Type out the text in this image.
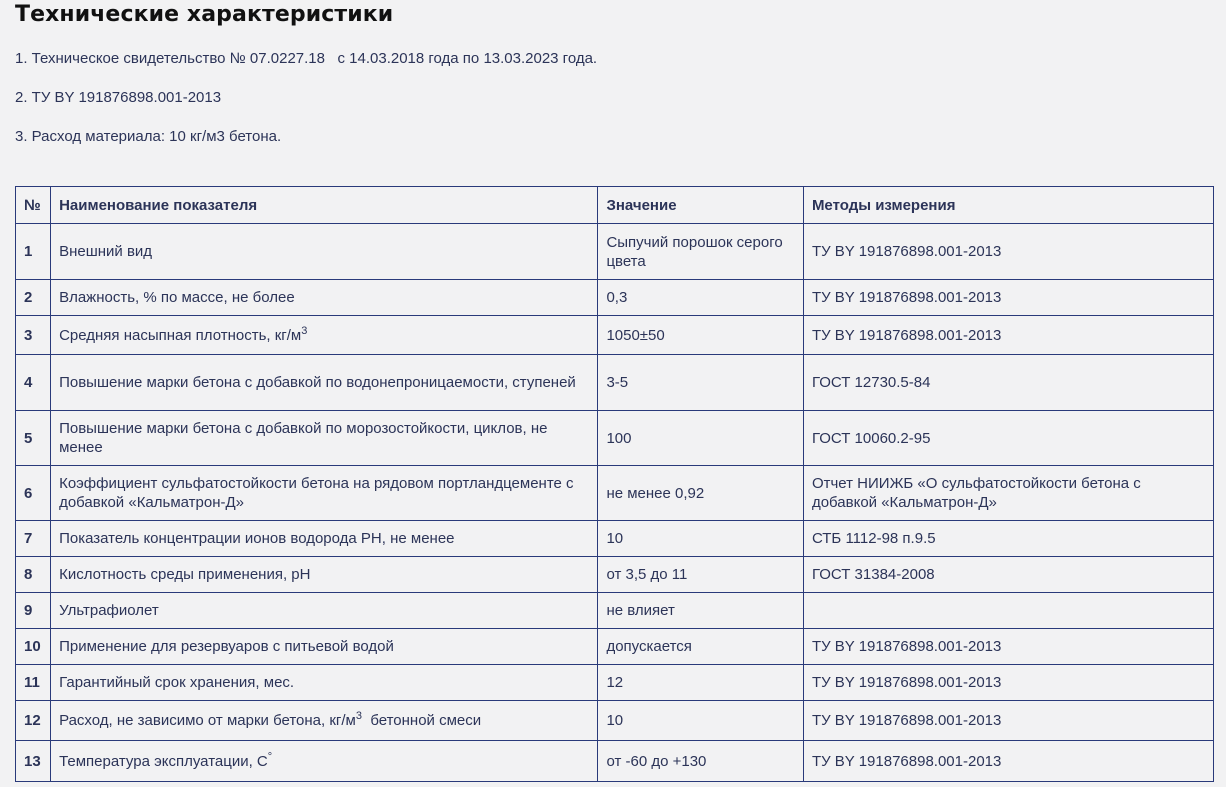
Технические характеристики

1. Техническое свидетельство № 07.0227.18   с 14.03.2018 года по 13.03.2023 года.

2. ТУ BY 191876898.001-2013

3. Расход материала: 10 кг/м3 бетона.

№	Наименование показателя	Значение	Методы измерения
1	Внешний вид	Сыпучий порошок серого цвета	ТУ BY 191876898.001-2013
2	Влажность, % по массе, не более	0,3	ТУ BY 191876898.001-2013
3	Средняя насыпная плотность, $кг/м^3$	1050±50	ТУ BY 191876898.001-2013
4	Повышение марки бетона с добавкой по водонепроницаемости, ступеней	3-5	ГОСТ 12730.5-84
5	Повышение марки бетона с добавкой по морозостойкости, циклов, не менее	100	ГОСТ 10060.2-95
6	Коэффициент сульфатостойкости бетона на рядовом портландцементе с добавкой «Кальматрон-Д»	не менее 0,92	Отчет НИИЖБ «О сульфатостойкости бетона с добавкой «Кальматрон-Д»
7	Показатель концентрации ионов водорода PH, не менее	10	СТБ 1112-98 п.9.5
8	Кислотность среды применения, pH	от 3,5 до 11	ГОСТ 31384-2008
9	Ультрафиолет	не влияет	
10	Применение для резервуаров с питьевой водой	допускается	ТУ BY 191876898.001-2013
11	Гарантийный срок хранения, мес.	12	ТУ BY 191876898.001-2013
12	Расход, не зависимо от марки бетона, $кг/м^3$  бетонной смеси	10	ТУ BY 191876898.001-2013
13	Температура эксплуатации, С°	от -60 до +130	ТУ BY 191876898.001-2013
